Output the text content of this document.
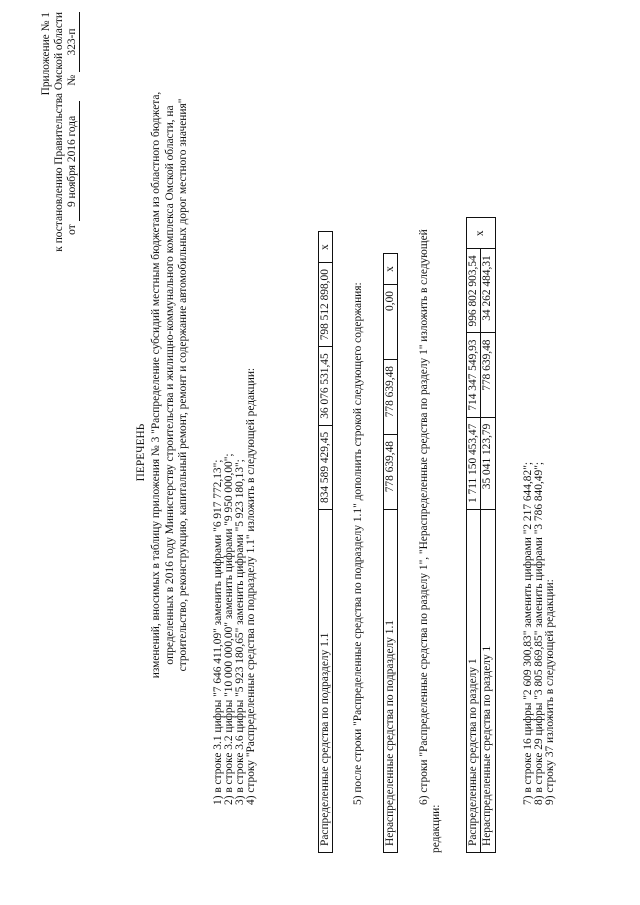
Приложение № 1 к постановлению Правительства Омской области от 9 ноября 2016 года  № 323-п
ПЕРЕЧЕНЬ изменений, вносимых в таблицу приложения № 3 "Распределение субсидий местным бюджетам из областного бюджета, определенных в 2016 году Министерству строительства и жилищно-коммунального комплекса Омской области, на строительство, реконструкцию, капитальный ремонт, ремонт и содержание автомобильных дорог местного значения" 1) в строке 3.1 цифры "7 646 411,09" заменить цифрами "6 917 772,13"; 2) в строке 3.2 цифры "10 000 000,00" заменить цифрами "9 950 000,00"; 3) в строке 3.6 цифры "5 923 180,65" заменить цифрами "5 923 180,13"; 4) строку "Распределенные средства по подразделу 1.1" изложить в следующей редакции:	Распределенные средства по подразделу 1.1	834 589 429,45	36 076 531,45	798 512 898,00	х
5) после строки "Распределенные средства по подразделу 1.1" дополнить строкой следующего содержания: Нераспределенные средства по подразделу 1.1	778 639,48	778 639,48	0,00	х 6) строки "Распределенные средства по разделу 1", "Нераспределенные средства по разделу 1" изложить в следующей
редакции: Распределенные средства по разделу 1	1 711 150 453,47	714 347 549,93	996 802 903,54	х
Нераспределенные средства по разделу 1	35 041 123,79	778 639,48	34 262 484,31	
7) в строке 16 цифры "2 609 300,83" заменить цифрами "2 217 644,82"; 8) в строке 29 цифры "3 805 869,85" заменить цифрами "3 786 840,49"; 9) строку 37 изложить в следующей редакции:
